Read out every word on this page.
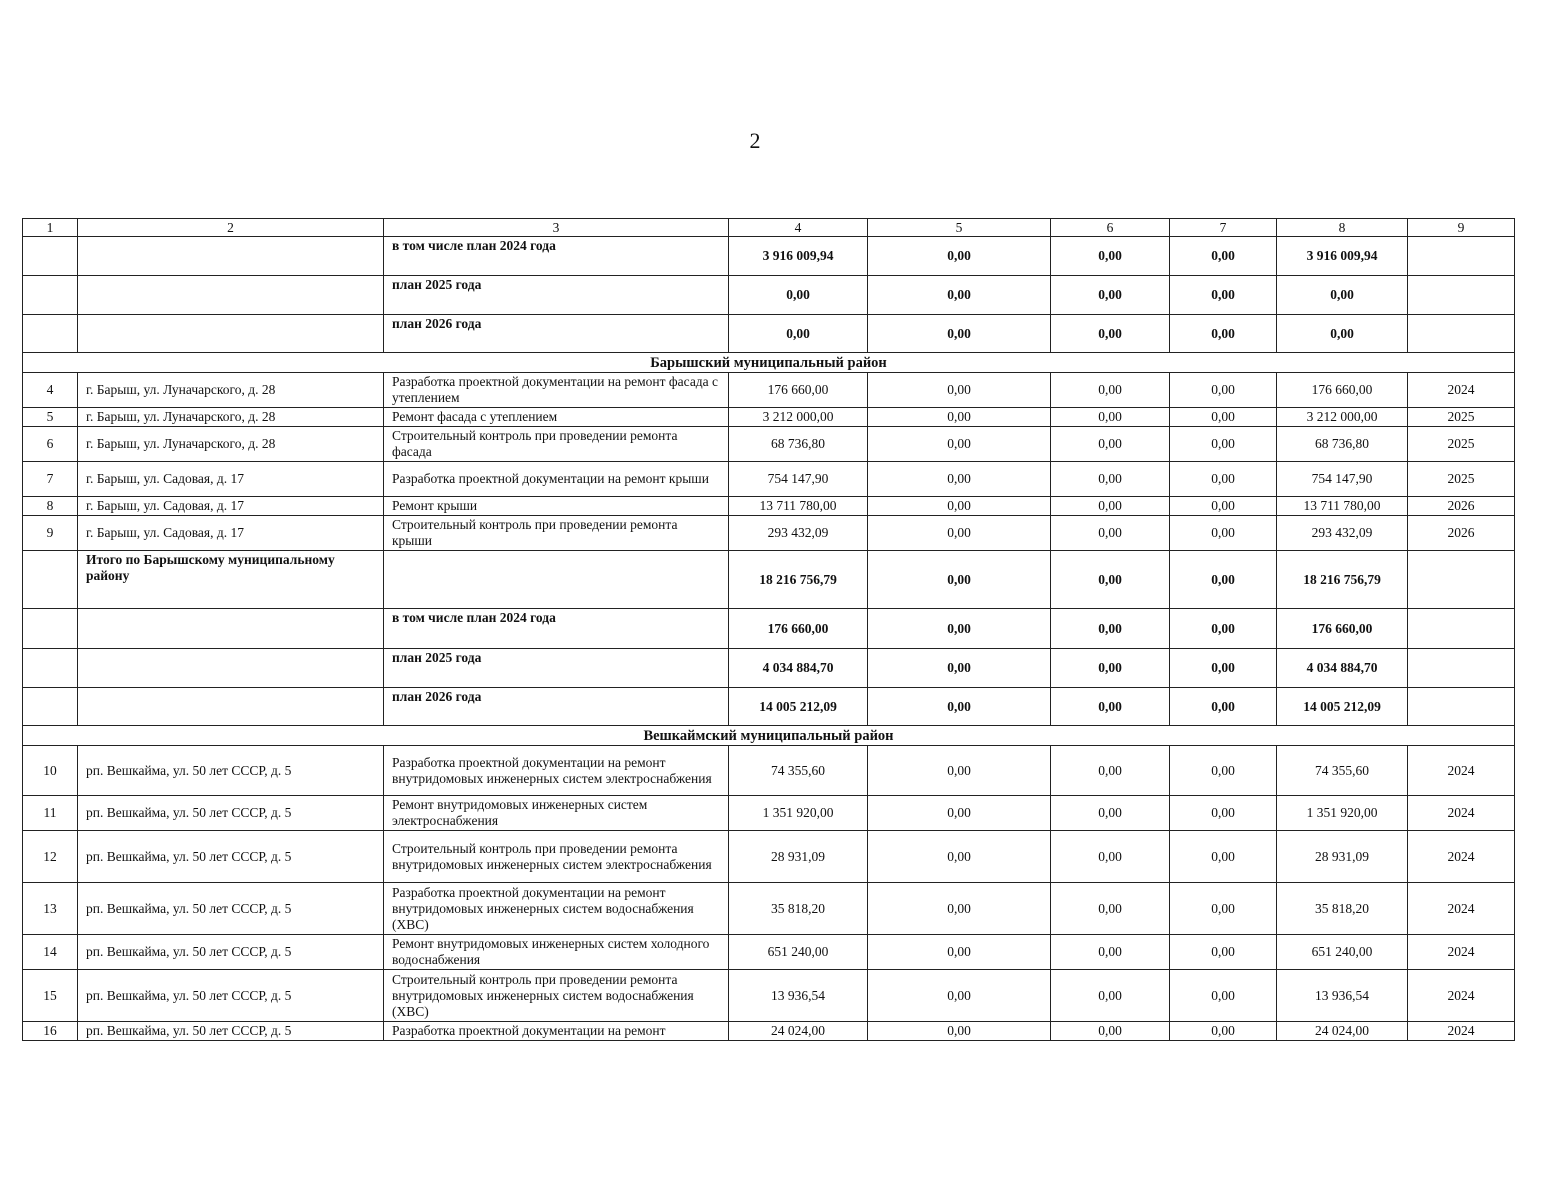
2
1	2	3	4	5	6	7	8	9
		в том числе план 2024 года	3 916 009,94	0,00	0,00	0,00	3 916 009,94	
		план 2025 года	0,00	0,00	0,00	0,00	0,00	
		план 2026 года	0,00	0,00	0,00	0,00	0,00	
Барышский муниципальный район								
4	г. Барыш, ул. Луначарского, д. 28	Разработка проектной документации на ремонт фасада с утеплением	176 660,00	0,00	0,00	0,00	176 660,00	2024
5	г. Барыш, ул. Луначарского, д. 28	Ремонт фасада с утеплением	3 212 000,00	0,00	0,00	0,00	3 212 000,00	2025
6	г. Барыш, ул. Луначарского, д. 28	Строительный контроль при проведении ремонта фасада	68 736,80	0,00	0,00	0,00	68 736,80	2025
7	г. Барыш, ул. Садовая, д. 17	Разработка проектной документации на ремонт крыши	754 147,90	0,00	0,00	0,00	754 147,90	2025
8	г. Барыш, ул. Садовая, д. 17	Ремонт крыши	13 711 780,00	0,00	0,00	0,00	13 711 780,00	2026
9	г. Барыш, ул. Садовая, д. 17	Строительный контроль при проведении ремонта крыши	293 432,09	0,00	0,00	0,00	293 432,09	2026
	Итого по Барышскому муниципальному району		18 216 756,79	0,00	0,00	0,00	18 216 756,79	
		в том числе план 2024 года	176 660,00	0,00	0,00	0,00	176 660,00	
		план 2025 года	4 034 884,70	0,00	0,00	0,00	4 034 884,70	
		план 2026 года	14 005 212,09	0,00	0,00	0,00	14 005 212,09	
Вешкаймский муниципальный район								
10	рп. Вешкайма, ул. 50 лет СССР, д. 5	Разработка проектной документации на ремонт внутридомовых инженерных систем электроснабжения	74 355,60	0,00	0,00	0,00	74 355,60	2024
11	рп. Вешкайма, ул. 50 лет СССР, д. 5	Ремонт внутридомовых инженерных систем электроснабжения	1 351 920,00	0,00	0,00	0,00	1 351 920,00	2024
12	рп. Вешкайма, ул. 50 лет СССР, д. 5	Строительный контроль при проведении ремонта внутридомовых инженерных систем электроснабжения	28 931,09	0,00	0,00	0,00	28 931,09	2024
13	рп. Вешкайма, ул. 50 лет СССР, д. 5	Разработка проектной документации на ремонт внутридомовых инженерных систем водоснабжения (ХВС)	35 818,20	0,00	0,00	0,00	35 818,20	2024
14	рп. Вешкайма, ул. 50 лет СССР, д. 5	Ремонт внутридомовых инженерных систем холодного водоснабжения	651 240,00	0,00	0,00	0,00	651 240,00	2024
15	рп. Вешкайма, ул. 50 лет СССР, д. 5	Строительный контроль при проведении ремонта внутридомовых инженерных систем водоснабжения (ХВС)	13 936,54	0,00	0,00	0,00	13 936,54	2024
16	рп. Вешкайма, ул. 50 лет СССР, д. 5	Разработка проектной документации на ремонт	24 024,00	0,00	0,00	0,00	24 024,00	2024
